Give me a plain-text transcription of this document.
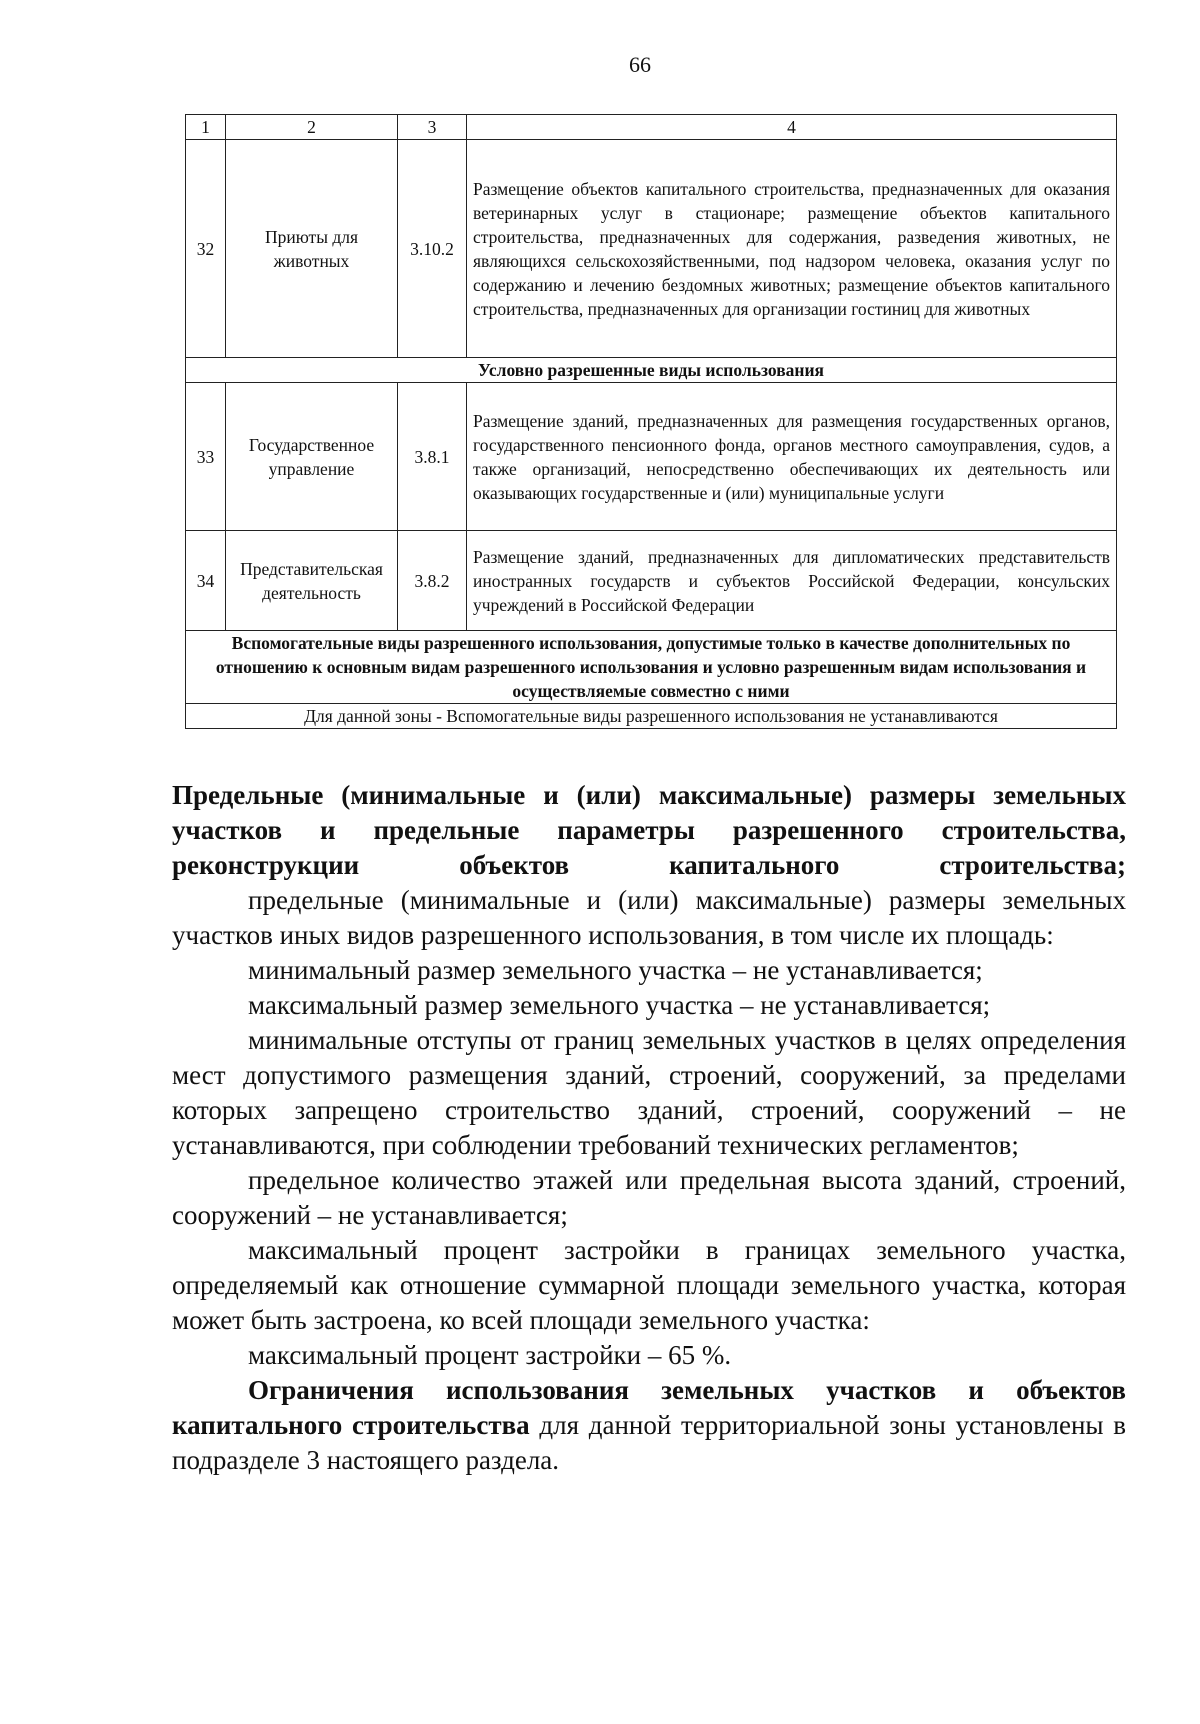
66
1	2	3	4
32	Приюты для животных	3.10.2	Размещение объектов капитального строительства, предназначенных для оказания ветеринарных услуг в стационаре; размещение объектов капитального строительства, предназначенных для содержания, разведения животных, не являющихся сельскохозяйственными, под надзором человека, оказания услуг по содержанию и лечению бездомных животных; размещение объектов капитального строительства, предназначенных для организации гостиниц для животных
Условно разрешенные виды использования			
33	Государственное управление	3.8.1	Размещение зданий, предназначенных для размещения государственных органов, государственного пенсионного фонда, органов местного самоуправления, судов, а также организаций, непосредственно обеспечивающих их деятельность или оказывающих государственные и (или) муниципальные услуги
34	Представительская деятельность	3.8.2	Размещение зданий, предназначенных для дипломатических представительств иностранных государств и субъектов Российской Федерации, консульских учреждений в Российской Федерации
Вспомогательные виды разрешенного использования, допустимые только в качестве дополнительных по отношению к основным видам разрешенного использования и условно разрешенным видам использования и осуществляемые совместно с ними			
Для данной зоны - Вспомогательные виды разрешенного использования не устанавливаются			

Предельные (минимальные и (или) максимальные) размеры земельных участков и предельные параметры разрешенного строительства, реконструкции объектов капитального строительства;

предельные (минимальные и (или) максимальные) размеры земельных участков иных видов разрешенного использования, в том числе их площадь:

минимальный размер земельного участка – не устанавливается;

максимальный размер земельного участка – не устанавливается;

минимальные отступы от границ земельных участков в целях определения мест допустимого размещения зданий, строений, сооружений, за пределами которых запрещено строительство зданий, строений, сооружений – не устанавливаются, при соблюдении требований технических регламентов;

предельное количество этажей или предельная высота зданий, строений, сооружений – не устанавливается;

максимальный процент застройки в границах земельного участка, определяемый как отношение суммарной площади земельного участка, которая может быть застроена, ко всей площади земельного участка:

максимальный процент застройки – 65 %.

Ограничения использования земельных участков и объектов капитального строительства для данной территориальной зоны установлены в подразделе 3 настоящего раздела.
